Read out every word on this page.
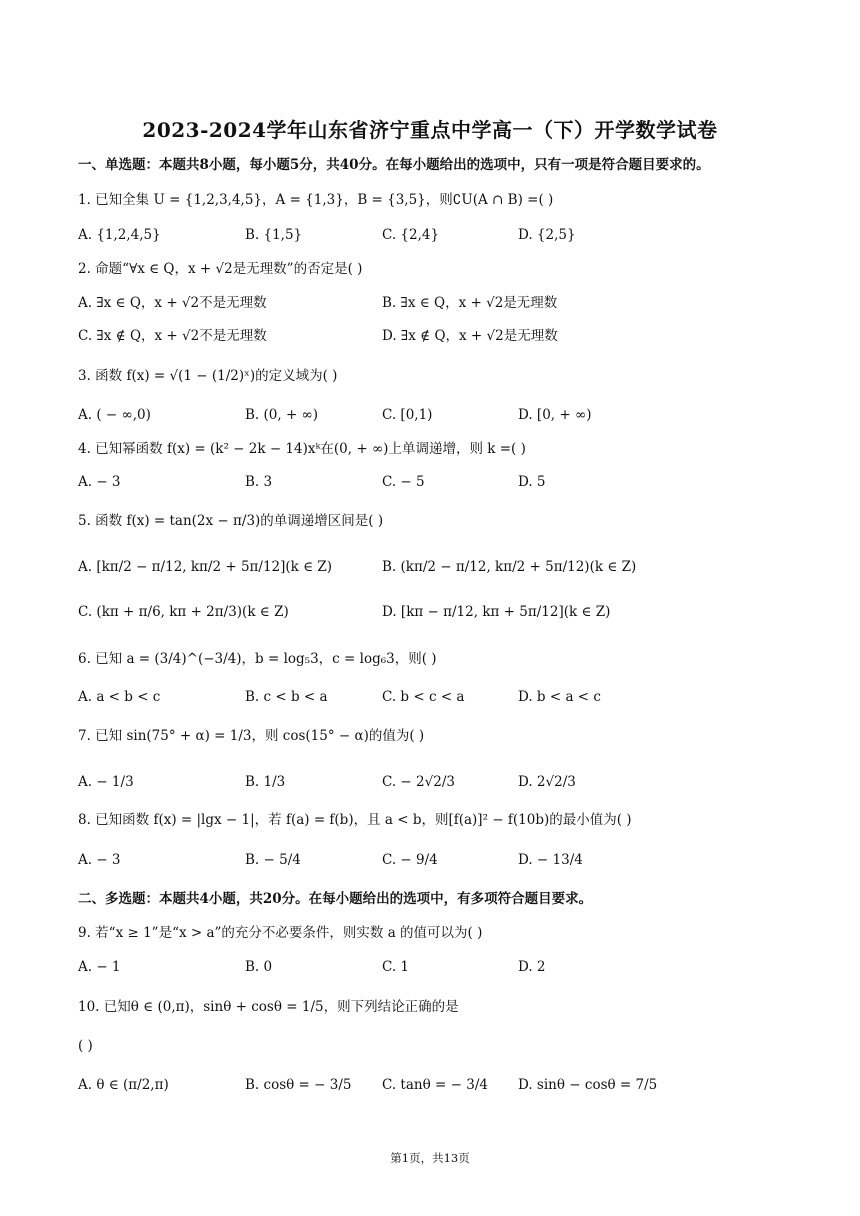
2023-2024学年山东省济宁重点中学高一（下）开学数学试卷
一、单选题：本题共8小题，每小题5分，共40分。在每小题给出的选项中，只有一项是符合题目要求的。
1. 已知全集 U = {1,2,3,4,5}，A = {1,3}，B = {3,5}，则∁U(A ∩ B) =( )
A. {1,2,4,5}	B. {1,5}	C. {2,4}	D. {2,5}
2. 命题“∀x ∈ Q，x + √2是无理数”的否定是( )
A. ∃x ∈ Q，x + √2不是无理数	B. ∃x ∈ Q，x + √2是无理数
C. ∃x ∉ Q，x + √2不是无理数	D. ∃x ∉ Q，x + √2是无理数
3. 函数 f(x) = √(1 − (1/2)ˣ)的定义域为( )
A. ( − ∞,0)	B. (0, + ∞)	C. [0,1)	D. [0, + ∞)
4. 已知幂函数 f(x) = (k² − 2k − 14)xᵏ在(0, + ∞)上单调递增，则 k =( )
A. − 3	B. 3	C. − 5	D. 5
5. 函数 f(x) = tan(2x − π/3)的单调递增区间是( )
A. [kπ/2 − π/12, kπ/2 + 5π/12](k ∈ Z)	B. (kπ/2 − π/12, kπ/2 + 5π/12)(k ∈ Z)
C. (kπ + π/6, kπ + 2π/3)(k ∈ Z)	D. [kπ − π/12, kπ + 5π/12](k ∈ Z)
6. 已知 a = (3/4)^(−3/4)，b = log₅3，c = log₆3，则( )
A. a < b < c	B. c < b < a	C. b < c < a	D. b < a < c
7. 已知 sin(75° + α) = 1/3，则 cos(15° − α)的值为( )
A. − 1/3	B. 1/3	C. − 2√2/3	D. 2√2/3
8. 已知函数 f(x) = |lgx − 1|，若 f(a) = f(b)，且 a < b，则[f(a)]² − f(10b)的最小值为( )
A. − 3	B. − 5/4	C. − 9/4	D. − 13/4
二、多选题：本题共4小题，共20分。在每小题给出的选项中，有多项符合题目要求。
9. 若“x ≥ 1”是“x > a”的充分不必要条件，则实数 a 的值可以为( )
A. − 1	B. 0	C. 1	D. 2
10. 已知θ ∈ (0,π)，sinθ + cosθ = 1/5，则下列结论正确的是
( )
A. θ ∈ (π/2,π)	B. cosθ = − 3/5 C. tanθ = − 3/4 D. sinθ − cosθ = 7/5
第1页，共13页
